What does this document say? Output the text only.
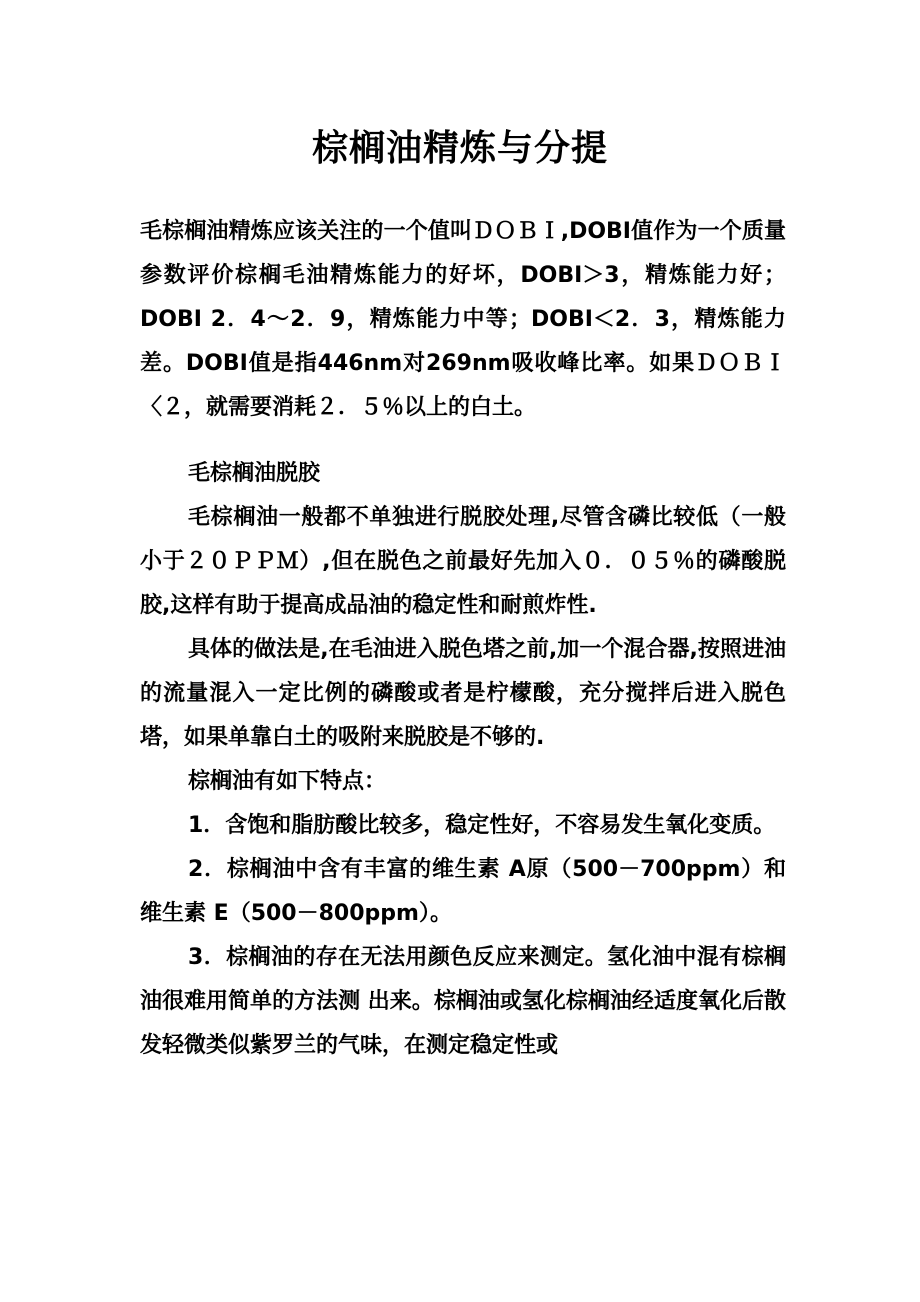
棕榈油精炼与分提

毛棕榈油精炼应该关注的一个值叫ＤＯＢＩ,DOBI值作为一个质量参数评价棕榈毛油精炼能力的好坏，DOBI＞3，精炼能力好；DOBI 2．4～2．9，精炼能力中等；DOBI＜2．3，精炼能力差。DOBI值是指446nm对269nm吸收峰比率。如果ＤＯＢＩ〈２，就需要消耗２．５％以上的白土。

毛棕榈油脱胶

毛棕榈油一般都不单独进行脱胶处理,尽管含磷比较低（一般小于２０ＰＰＭ）,但在脱色之前最好先加入０．０５％的磷酸脱胶,这样有助于提高成品油的稳定性和耐煎炸性.

具体的做法是,在毛油进入脱色塔之前,加一个混合器,按照进油的流量混入一定比例的磷酸或者是柠檬酸，充分搅拌后进入脱色塔，如果单靠白土的吸附来脱胶是不够的.

棕榈油有如下特点：

1．含饱和脂肪酸比较多，稳定性好，不容易发生氧化变质。

2．棕榈油中含有丰富的维生素 A原（500－700ppm）和维生素 E（500－800ppm）。

3．棕榈油的存在无法用颜色反应来测定。氢化油中混有棕榈油很难用简单的方法测 出来。棕榈油或氢化棕榈油经适度氧化后散发轻微类似紫罗兰的气味，在测定稳定性或
